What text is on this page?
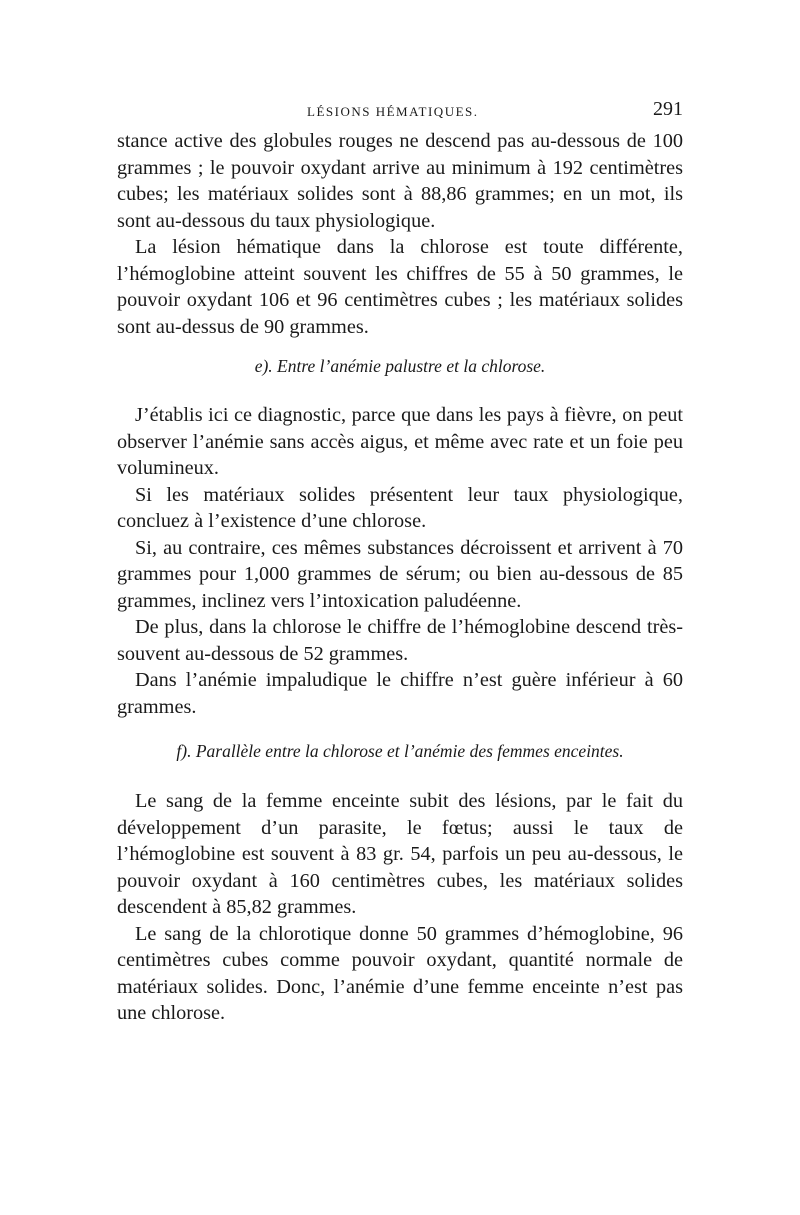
LÉSIONS HÉMATIQUES.	291

stance active des globules rouges ne descend pas au-dessous de 100 grammes ; le pouvoir oxydant arrive au minimum à 192 centimètres cubes; les matériaux solides sont à 88,86 grammes; en un mot, ils sont au-dessous du taux physiologique.

La lésion hématique dans la chlorose est toute différente, l’hémoglobine atteint souvent les chiffres de 55 à 50 grammes, le pouvoir oxydant 106 et 96 centimètres cubes ; les matériaux solides sont au-dessus de 90 grammes.

e). Entre l’anémie palustre et la chlorose.

J’établis ici ce diagnostic, parce que dans les pays à fièvre, on peut observer l’anémie sans accès aigus, et même avec rate et un foie peu volumineux.

Si les matériaux solides présentent leur taux physiologique, concluez à l’existence d’une chlorose.

Si, au contraire, ces mêmes substances décroissent et arrivent à 70 grammes pour 1,000 grammes de sérum; ou bien au-dessous de 85 grammes, inclinez vers l’intoxication paludéenne.

De plus, dans la chlorose le chiffre de l’hémoglobine descend très-souvent au-dessous de 52 grammes.

Dans l’anémie impaludique le chiffre n’est guère inférieur à 60 grammes.

f). Parallèle entre la chlorose et l’anémie des femmes enceintes.

Le sang de la femme enceinte subit des lésions, par le fait du développement d’un parasite, le fœtus; aussi le taux de l’hémoglobine est souvent à 83 gr. 54, parfois un peu au-dessous, le pouvoir oxydant à 160 centimètres cubes, les matériaux solides descendent à 85,82 grammes.

Le sang de la chlorotique donne 50 grammes d’hémoglobine, 96 centimètres cubes comme pouvoir oxydant, quantité normale de matériaux solides. Donc, l’anémie d’une femme enceinte n’est pas une chlorose.
